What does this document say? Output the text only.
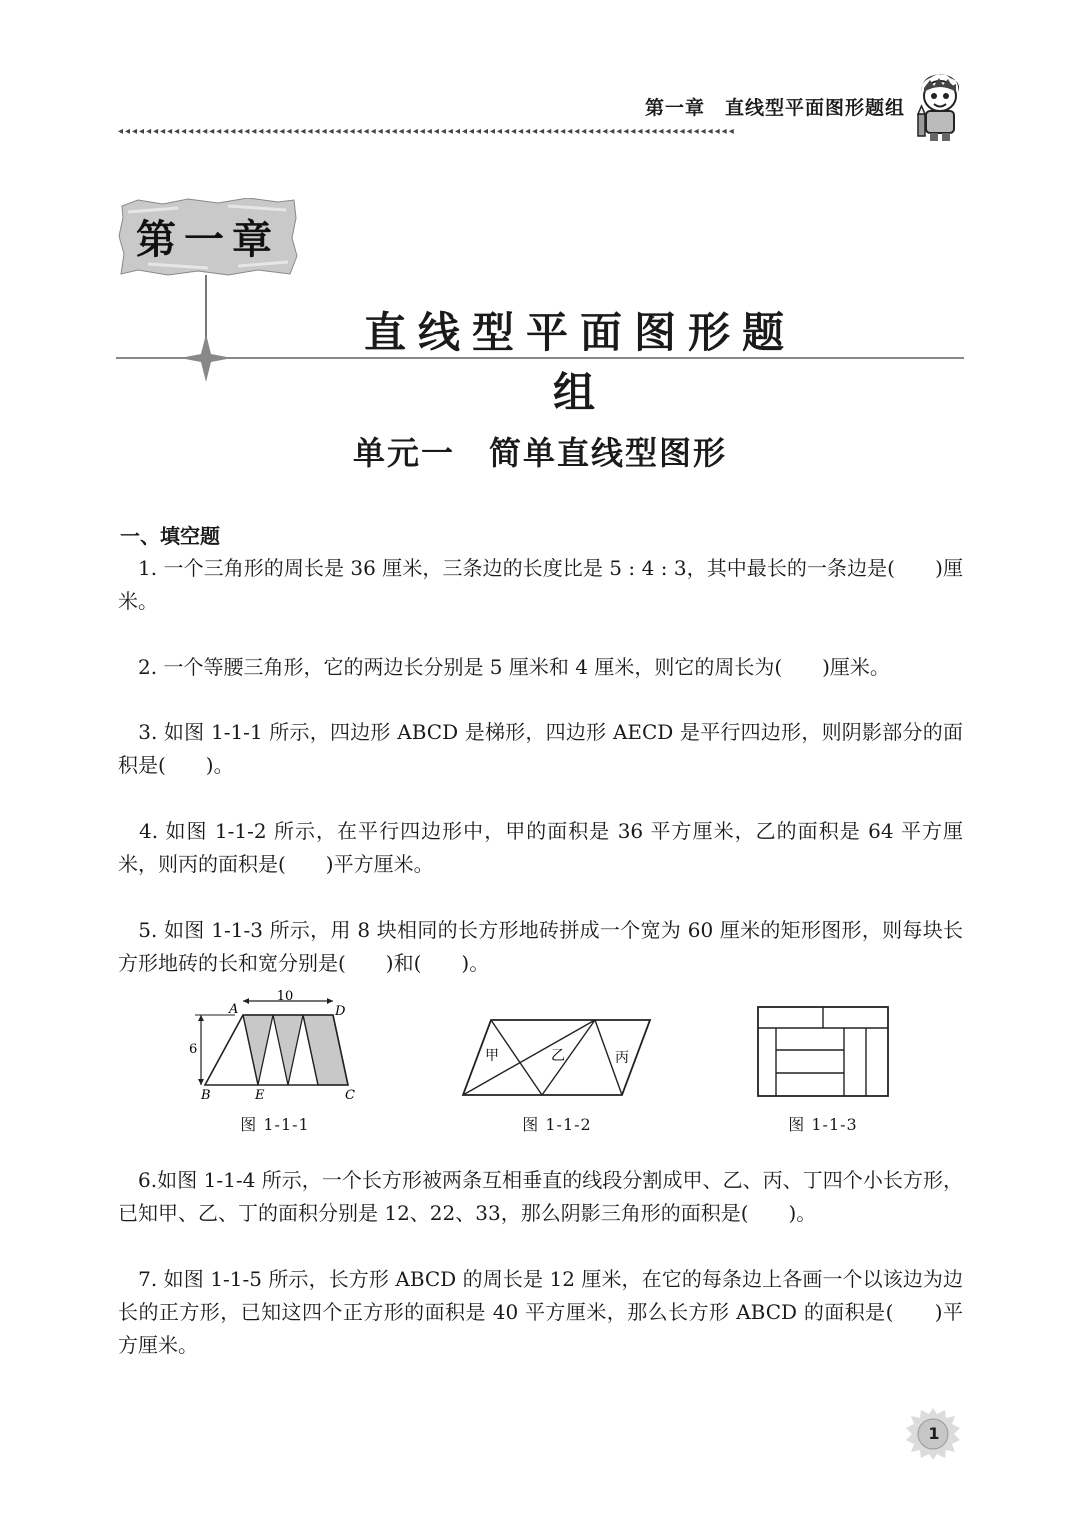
第一章　直线型平面图形题组
◂◂◂◂◂◂◂◂◂◂◂◂◂◂◂◂◂◂◂◂◂◂◂◂◂◂◂◂◂◂◂◂◂◂◂◂◂◂◂◂◂◂◂◂◂◂◂◂◂◂◂◂◂◂◂◂◂◂◂◂◂◂◂◂◂◂◂◂◂◂◂◂◂◂◂◂◂◂◂◂◂◂◂◂◂◂◂◂
第一章
直线型平面图形题组
单元一　简单直线型图形
一、填空题
　1. 一个三角形的周长是 36 厘米，三条边的长度比是 5 : 4 : 3，其中最长的一条边是(　　)厘米。
　2. 一个等腰三角形，它的两边长分别是 5 厘米和 4 厘米，则它的周长为(　　)厘米。
　3. 如图 1-1-1 所示，四边形 ABCD 是梯形，四边形 AECD 是平行四边形，则阴影部分的面积是(　　)。
　4. 如图 1-1-2 所示，在平行四边形中，甲的面积是 36 平方厘米，乙的面积是 64 平方厘米，则丙的面积是(　　)平方厘米。
　5. 如图 1-1-3 所示，用 8 块相同的长方形地砖拼成一个宽为 60 厘米的矩形图形，则每块长方形地砖的长和宽分别是(　　)和(　　)。
10
6
A	D
B	E	C
图 1-1-1
甲	乙	丙
图 1-1-2	图 1-1-3
　6.如图 1-1-4 所示，一个长方形被两条互相垂直的线段分割成甲、乙、丙、丁四个小长方形，已知甲、乙、丁的面积分别是 12、22、33，那么阴影三角形的面积是(　　)。
　7. 如图 1-1-5 所示，长方形 ABCD 的周长是 12 厘米，在它的每条边上各画一个以该边为边长的正方形，已知这四个正方形的面积是 40 平方厘米，那么长方形 ABCD 的面积是(　　)平方厘米。
1
